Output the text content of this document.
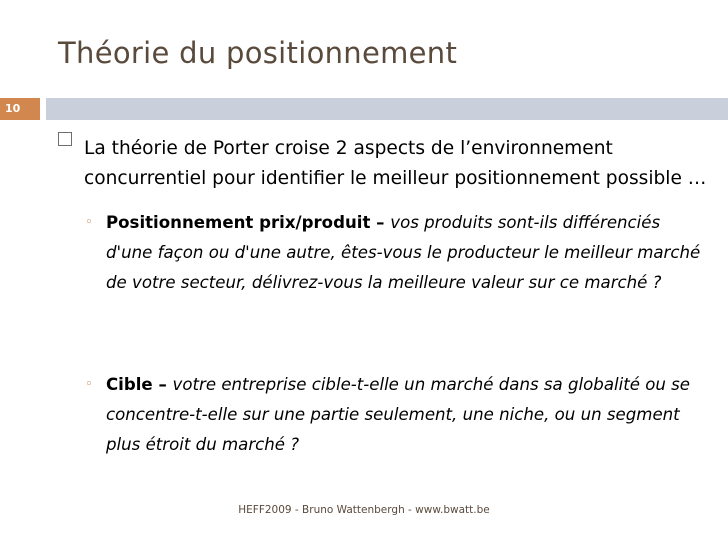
Théorie du positionnement
10
La théorie de Porter croise 2 aspects de l’environnement concurrentiel pour identifier le meilleur positionnement possible …
◦ Positionnement prix/produit – vos produits sont-ils différenciés d'une façon ou d'une autre, êtes-vous le producteur le meilleur marché de votre secteur, délivrez-vous la meilleure valeur sur ce marché ?
◦ Cible – votre entreprise cible-t-elle un marché dans sa globalité ou se concentre-t-elle sur une partie seulement, une niche, ou un segment plus étroit du marché ?
HEFF2009 - Bruno Wattenbergh - www.bwatt.be
